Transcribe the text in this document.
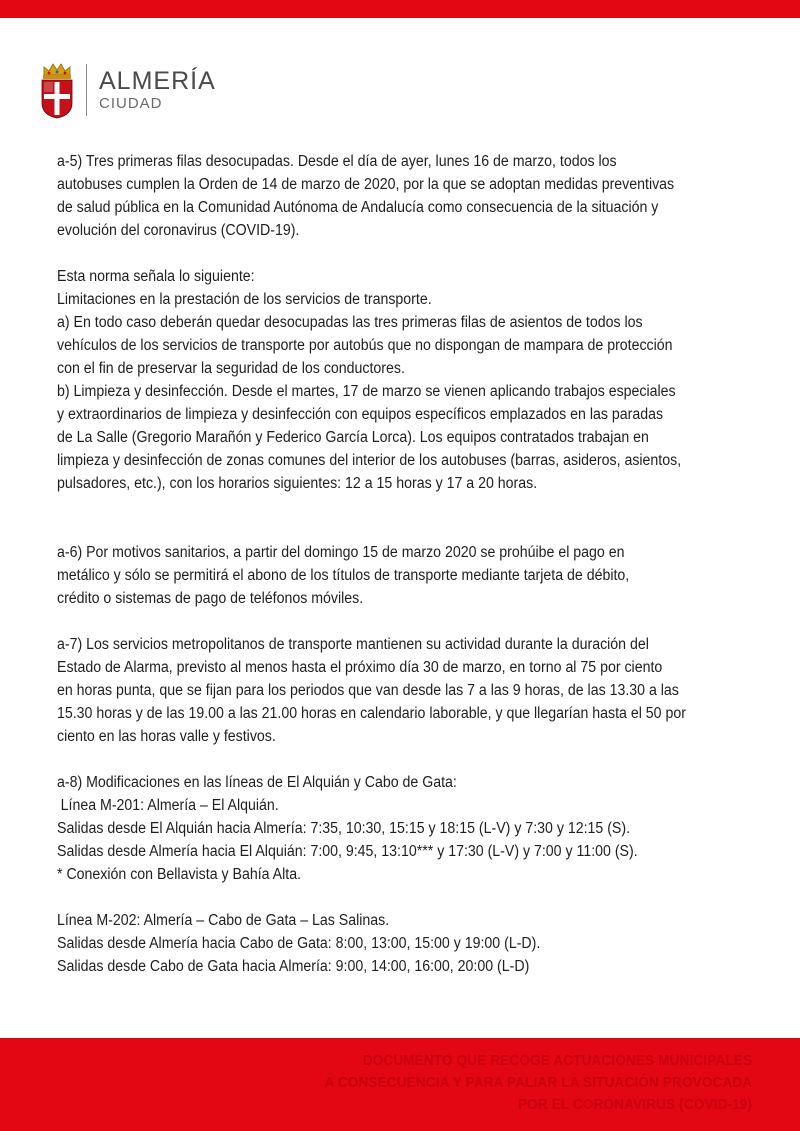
ALMERÍA
CIUDAD

a-5) Tres primeras filas desocupadas. Desde el día de ayer, lunes 16 de marzo, todos los
autobuses cumplen la Orden de 14 de marzo de 2020, por la que se adoptan medidas preventivas
de salud pública en la Comunidad Autónoma de Andalucía como consecuencia de la situación y
evolución del coronavirus (COVID-19).

Esta norma señala lo siguiente:
Limitaciones en la prestación de los servicios de transporte.
a) En todo caso deberán quedar desocupadas las tres primeras filas de asientos de todos los
vehículos de los servicios de transporte por autobús que no dispongan de mampara de protección
con el fin de preservar la seguridad de los conductores.
b) Limpieza y desinfección. Desde el martes, 17 de marzo se vienen aplicando trabajos especiales
y extraordinarios de limpieza y desinfección con equipos específicos emplazados en las paradas
de La Salle (Gregorio Marañón y Federico García Lorca). Los equipos contratados trabajan en
limpieza y desinfección de zonas comunes del interior de los autobuses (barras, asideros, asientos,
pulsadores, etc.), con los horarios siguientes: 12 a 15 horas y 17 a 20 horas.

a-6) Por motivos sanitarios, a partir del domingo 15 de marzo 2020 se prohúibe el pago en
metálico y sólo se permitirá el abono de los títulos de transporte mediante tarjeta de débito,
crédito o sistemas de pago de teléfonos móviles.

a-7) Los servicios metropolitanos de transporte mantienen su actividad durante la duración del
Estado de Alarma, previsto al menos hasta el próximo día 30 de marzo, en torno al 75 por ciento
en horas punta, que se fijan para los periodos que van desde las 7 a las 9 horas, de las 13.30 a las
15.30 horas y de las 19.00 a las 21.00 horas en calendario laborable, y que llegarían hasta el 50 por
ciento en las horas valle y festivos.

a-8) Modificaciones en las líneas de El Alquián y Cabo de Gata:
Línea M-201: Almería – El Alquián.
Salidas desde El Alquián hacia Almería: 7:35, 10:30, 15:15 y 18:15 (L-V) y 7:30 y 12:15 (S).
Salidas desde Almería hacia El Alquián: 7:00, 9:45, 13:10*** y 17:30 (L-V) y 7:00 y 11:00 (S).
* Conexión con Bellavista y Bahía Alta.

Línea M-202: Almería – Cabo de Gata – Las Salinas.
Salidas desde Almería hacia Cabo de Gata: 8:00, 13:00, 15:00 y 19:00 (L-D).
Salidas desde Cabo de Gata hacia Almería: 9:00, 14:00, 16:00, 20:00 (L-D)

DOCUMENTO QUE RECOGE ACTUACIONES MUNICIPALES
A CONSECUENCIA Y PARA PALIAR LA SITUACIÓN PROVOCADA
POR EL CORONAVIRUS (COVID-19)
